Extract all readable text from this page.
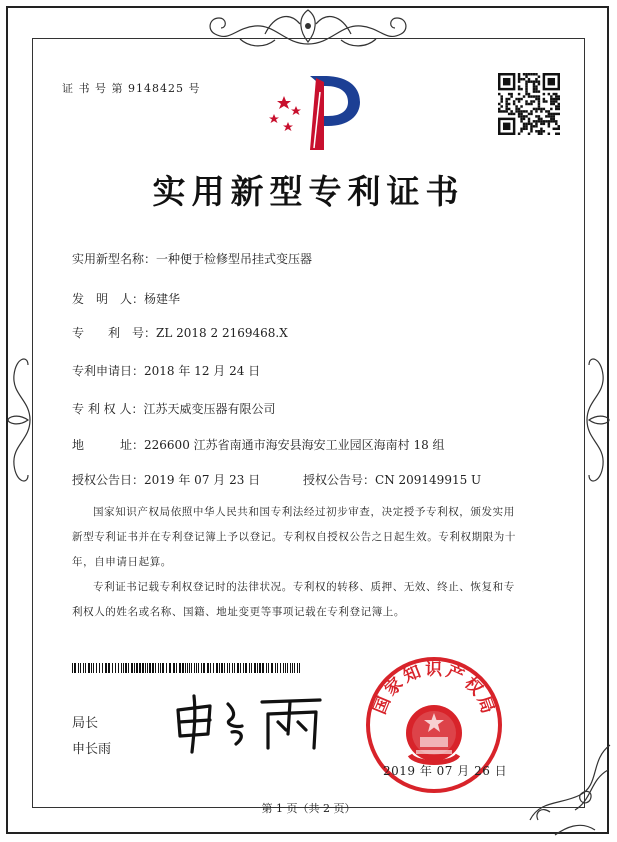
证 书 号 第 9148425 号
实用新型专利证书
实用新型名称：一种便于检修型吊挂式变压器
发　明　人：杨建华
专　　利　号：ZL 2018 2 2169468.X
专利申请日：2018 年 12 月 24 日
专 利 权 人：江苏天威变压器有限公司
地　　　址：226600 江苏省南通市海安县海安工业园区海南村 18 组
授权公告日：2019 年 07 月 23 日	授权公告号：CN 209149915 U
国家知识产权局依照中华人民共和国专利法经过初步审查，决定授予专利权，颁发实用
新型专利证书并在专利登记簿上予以登记。专利权自授权公告之日起生效。专利权期限为十
年，自申请日起算。
专利证书记载专利权登记时的法律状况。专利权的转移、质押、无效、终止、恢复和专
利权人的姓名或名称、国籍、地址变更等事项记载在专利登记簿上。
局长
申长雨
国家知识产权局
2019 年 07 月 26 日
第 1 页（共 2 页）
